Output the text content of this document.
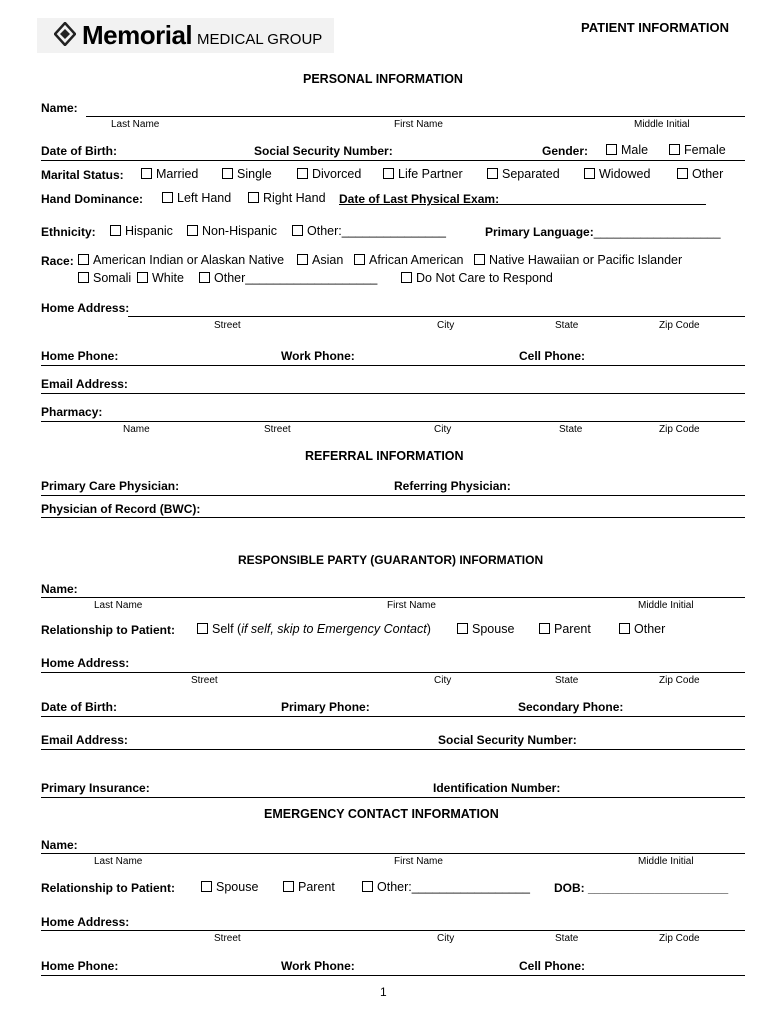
Memorial MEDICAL GROUP
PATIENT INFORMATION
PERSONAL INFORMATION
Name:
Last Name	First Name	Middle Initial
Date of Birth:	Social Security Number:	Gender:	Male	Female
Marital Status:	Married	Single	Divorced	Life Partner	Separated	Widowed	Other
Hand Dominance:	Left Hand	Right Hand Date of Last Physical Exam:_______________________________
Ethnicity:	Hispanic	Non-Hispanic	Other:_______________	Primary Language:___________________
Race:	American Indian or Alaskan Native	Asian	African American	Native Hawaiian or Pacific Islander
Somali	White	Other___________________	Do Not Care to Respond
Home Address:
Street	City	State	Zip Code
Home Phone:	Work Phone:	Cell Phone:
Email Address:
Pharmacy:
Name	Street	City	State	Zip Code
REFERRAL INFORMATION
Primary Care Physician:	Referring Physician:
Physician of Record (BWC):
RESPONSIBLE PARTY (GUARANTOR) INFORMATION
Name:
Last Name	First Name	Middle Initial
Relationship to Patient:	Self (if self, skip to Emergency Contact)	Spouse	Parent	Other
Home Address:
Street	City	State	Zip Code
Date of Birth:	Primary Phone:	Secondary Phone:
Email Address:	Social Security Number:
Primary Insurance:	Identification Number:
EMERGENCY CONTACT INFORMATION
Name:
Last Name	First Name	Middle Initial
Relationship to Patient:	Spouse	Parent	Other:_________________ DOB: _____________________
Home Address:
Street	City	State	Zip Code
Home Phone:	Work Phone:	Cell Phone:
1
